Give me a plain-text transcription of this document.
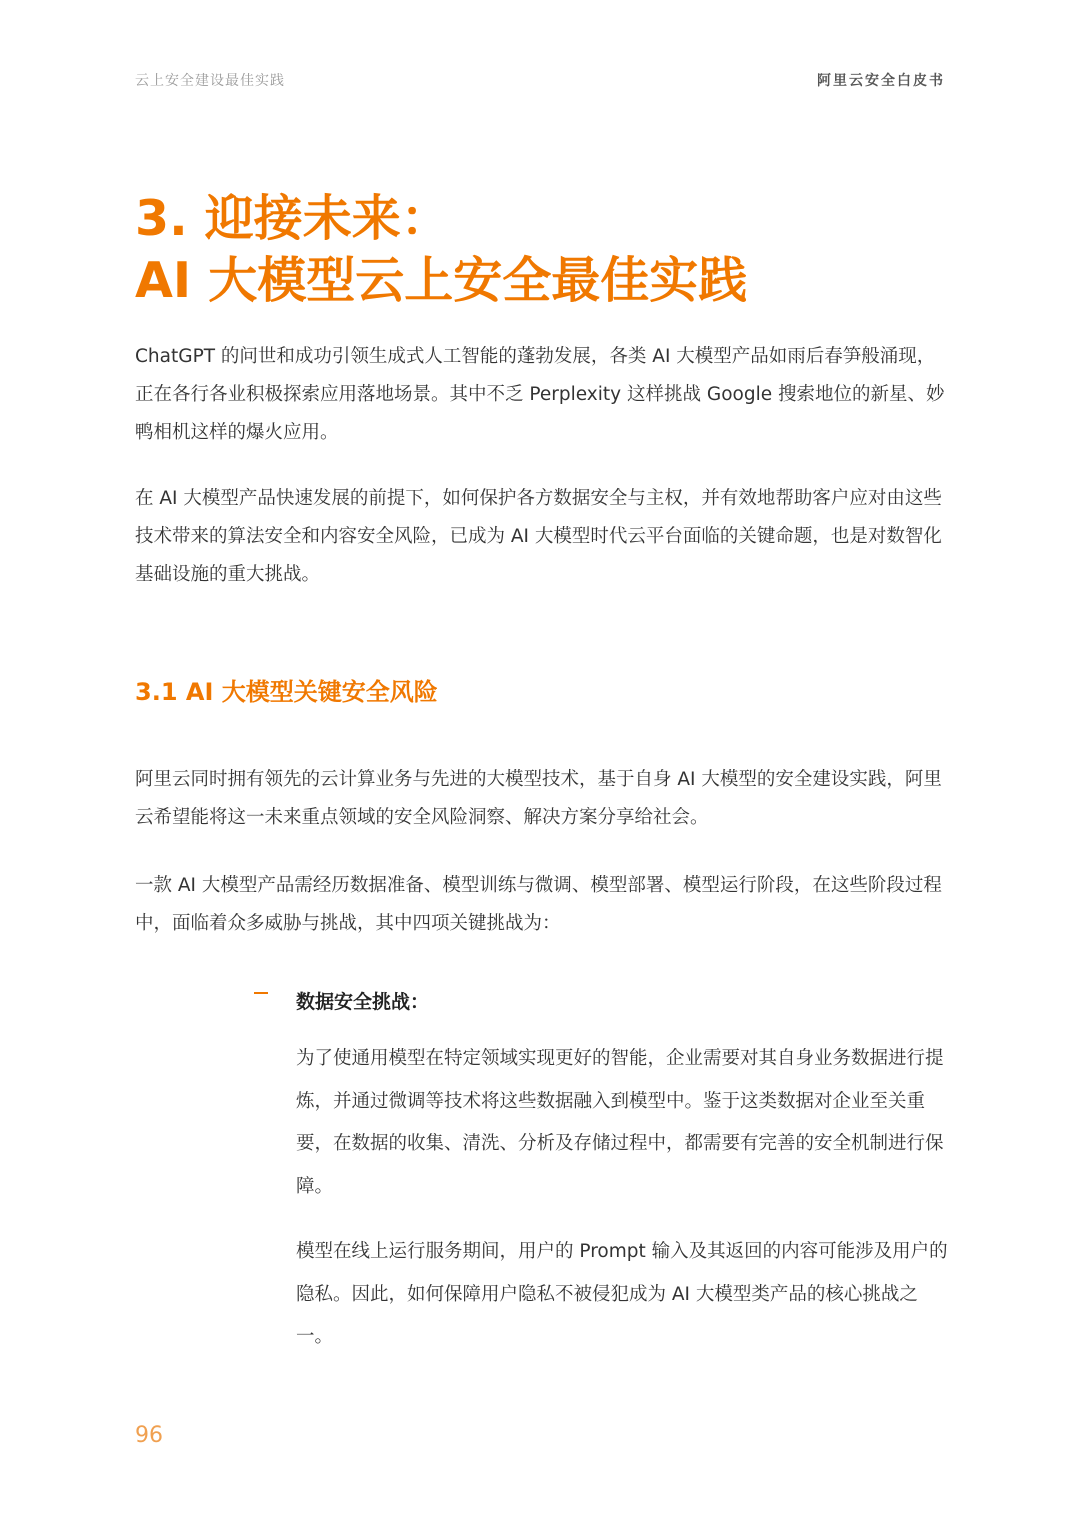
云上安全建设最佳实践	阿里云安全白皮书
3. 迎接未来：
AI 大模型云上安全最佳实践

ChatGPT 的问世和成功引领生成式人工智能的蓬勃发展，各类 AI 大模型产品如雨后春笋般涌现，正在各行各业积极探索应用落地场景。其中不乏 Perplexity 这样挑战 Google 搜索地位的新星、妙鸭相机这样的爆火应用。

在 AI 大模型产品快速发展的前提下，如何保护各方数据安全与主权，并有效地帮助客户应对由这些技术带来的算法安全和内容安全风险，已成为 AI 大模型时代云平台面临的关键命题，也是对数智化基础设施的重大挑战。

3.1 AI 大模型关键安全风险

阿里云同时拥有领先的云计算业务与先进的大模型技术，基于自身 AI 大模型的安全建设实践，阿里云希望能将这一未来重点领域的安全风险洞察、解决方案分享给社会。

一款 AI 大模型产品需经历数据准备、模型训练与微调、模型部署、模型运行阶段，在这些阶段过程中，面临着众多威胁与挑战，其中四项关键挑战为：

数据安全挑战：

为了使通用模型在特定领域实现更好的智能，企业需要对其自身业务数据进行提炼，并通过微调等技术将这些数据融入到模型中。鉴于这类数据对企业至关重要，在数据的收集、清洗、分析及存储过程中，都需要有完善的安全机制进行保障。

模型在线上运行服务期间，用户的 Prompt 输入及其返回的内容可能涉及用户的隐私。因此，如何保障用户隐私不被侵犯成为 AI 大模型类产品的核心挑战之一。

96
